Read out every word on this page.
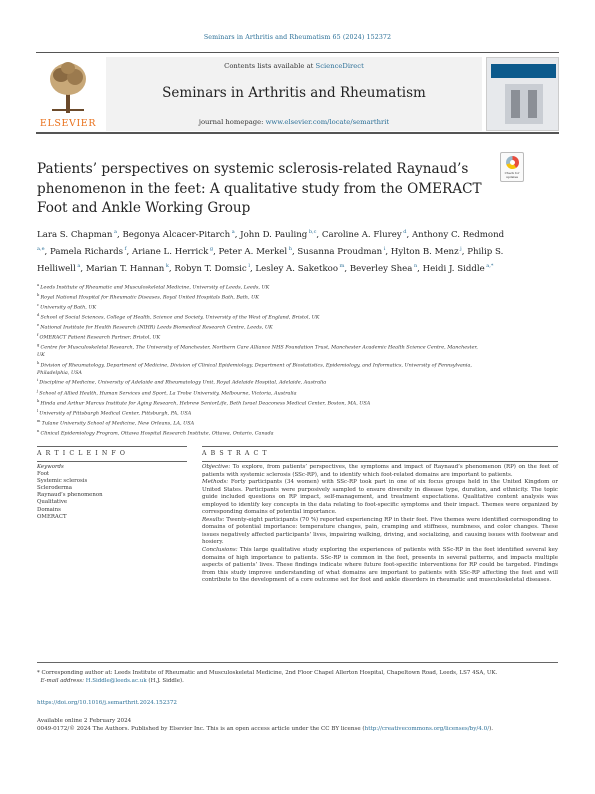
Seminars in Arthritis and Rheumatism 65 (2024) 152372
ELSEVIER
Contents lists available at ScienceDirect
Seminars in Arthritis and Rheumatism
journal homepage: www.elsevier.com/locate/semarthrit
Patients’ perspectives on systemic sclerosis-related Raynaud’s phenomenon in the feet: A qualitative study from the OMERACT Foot and Ankle Working Group
Check for updates
Lara S. Chapman $^a$, Begonya Alcacer-Pitarch $^a$, John D. Pauling $^{b,c}$, Caroline A. Flurey $^d$, Anthony C. Redmond $^{a,e}$, Pamela Richards $^f$, Ariane L. Herrick $^g$, Peter A. Merkel $^h$, Susanna Proudman $^i$, Hylton B. Menz $^j$, Philip S. Helliwell $^a$, Marian T. Hannan $^k$, Robyn T. Domsic $^l$, Lesley A. Saketkoo $^m$, Beverley Shea $^n$, Heidi J. Siddle $^{a,*}$
$^a$ Leeds Institute of Rheumatic and Musculoskeletal Medicine, University of Leeds, Leeds, UK
$^b$ Royal National Hospital for Rheumatic Diseases, Royal United Hospitals Bath, Bath, UK
$^c$ University of Bath, UK
$^d$ School of Social Sciences, College of Health, Science and Society, University of the West of England, Bristol, UK
$^e$ National Institute for Health Research (NIHR) Leeds Biomedical Research Centre, Leeds, UK
$^f$ OMERACT Patient Research Partner, Bristol, UK
$^g$ Centre for Musculoskeletal Research, The University of Manchester, Northern Care Alliance NHS Foundation Trust, Manchester Academic Health Science Centre, Manchester, UK
$^h$ Division of Rheumatology, Department of Medicine, Division of Clinical Epidemiology, Department of Biostatistics, Epidemiology, and Informatics, University of Pennsylvania, Philadelphia, USA
$^i$ Discipline of Medicine, University of Adelaide and Rheumatology Unit, Royal Adelaide Hospital, Adelaide, Australia
$^j$ School of Allied Health, Human Services and Sport, La Trobe University, Melbourne, Victoria, Australia
$^k$ Hinda and Arthur Marcus Institute for Aging Research, Hebrew SeniorLife, Beth Israel Deaconess Medical Center, Boston, MA, USA
$^l$ University of Pittsburgh Medical Center, Pittsburgh, PA, USA
$^m$ Tulane University School of Medicine, New Orleans, LA, USA
$^n$ Clinical Epidemiology Program, Ottawa Hospital Research Institute, Ottawa, Ontario, Canada
A R T I C L E I N F O	A B S T R A C T
Keywords
Foot
Systemic sclerosis
Scleroderma
Raynaud’s phenomenon
Qualitative
Domains
OMERACT

Objective: To explore, from patients’ perspectives, the symptoms and impact of Raynaud’s phenomenon (RP) on the feet of patients with systemic sclerosis (SSc-RP), and to identify which foot-related domains are important to patients.

Methods: Forty participants (34 women) with SSc-RP took part in one of six focus groups held in the United Kingdom or United States. Participants were purposively sampled to ensure diversity in disease type, duration, and ethnicity. The topic guide included questions on RP impact, self-management, and treatment expectations. Qualitative content analysis was employed to identify key concepts in the data relating to foot-specific symptoms and their impact. Themes were organized by corresponding domains of potential importance.

Results: Twenty-eight participants (70 %) reported experiencing RP in their feet. Five themes were identified corresponding to domains of potential importance: temperature changes, pain, cramping and stiffness, numbness, and color changes. These issues negatively affected participants’ lives, impairing walking, driving, and socializing, and causing issues with footwear and hosiery.

Conclusions: This large qualitative study exploring the experiences of patients with SSc-RP in the feet identified several key domains of high importance to patients. SSc-RP is common in the feet, presents in several patterns, and impacts multiple aspects of patients’ lives. These findings indicate where future foot-specific interventions for RP could be targeted. Findings from this study improve understanding of what domains are important to patients with SSc-RP affecting the feet and will contribute to the development of a core outcome set for foot and ankle disorders in rheumatic and musculoskeletal diseases.

* Corresponding author at: Leeds Institute of Rheumatic and Musculoskeletal Medicine, 2nd Floor Chapel Allerton Hospital, Chapeltown Road, Leeds, LS7 4SA, UK.
E-mail address: H.Siddle@leeds.ac.uk (H.J. Siddle).
https://doi.org/10.1016/j.semarthrit.2024.152372
Available online 2 February 2024
0049-0172/© 2024 The Authors. Published by Elsevier Inc. This is an open access article under the CC BY license (http://creativecommons.org/licenses/by/4.0/).
